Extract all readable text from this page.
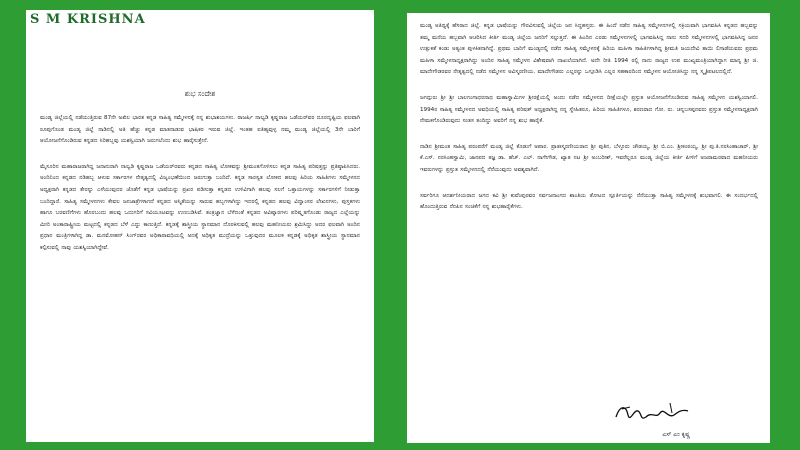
S M KRISHNA
ಶುಭ ಸಂದೇಶ

ಮಂಡ್ಯ ಜಿಲ್ಲೆಯಲ್ಲಿ ನಡೆಯುತ್ತಿರುವ 87ನೇ ಅಖಿಲ ಭಾರತ ಕನ್ನಡ ಸಾಹಿತ್ಯ ಸಮ್ಮೇಳನಕ್ಕೆ ನನ್ನ ಶುಭಾಶಯಗಳು. ರಾಜರ್ಷಿ ನಾಲ್ವಡಿ ಕೃಷ್ಣರಾಜ ಒಡೆಯರ್‌ವರ ದೂರದೃಷ್ಟಿಯ ಫಲವಾಗಿ ರೂಪುಗೊಂಡ ಮಂಡ್ಯ ಜಿಲ್ಲೆ ನಾಡಿನಲ್ಲಿ ಅತಿ ಹೆಚ್ಚು ಕನ್ನಡ ಮಾತನಾಡುವ ಭಾಷಿಕರ ಇರುವ ಜಿಲ್ಲೆ. ಇಂತಹ ಐತಿಹ್ಯವುಳ್ಳ ನಮ್ಮ ಮಂಡ್ಯ ಜಿಲ್ಲೆಯಲ್ಲಿ 3ನೇ ಬಾರಿಗೆ ಆಯೋಜನೆಗೊಂಡಿರುವ ಕನ್ನಡದ ಸಿರಿಹಬ್ಬವು ಯಶಸ್ವಿಯಾಗಿ ಜರುಗಲೆಂದು ಶುಭ ಹಾರೈಸುತ್ತೇನೆ.

ಮೈಸೂರಿನ ಮಹಾರಾಜರಾಗಿದ್ದ ಜನಾನುರಾಗಿ ನಾಲ್ವಡಿ ಕೃಷ್ಣರಾಜ ಒಡೆಯರ್‌ರವರು ಕನ್ನಡದ ಸಾಹಿತ್ಯ ಲೋಕವನ್ನು ಶ್ರೀಮಂತಗೊಳಿಸಲು ಕನ್ನಡ ಸಾಹಿತ್ಯ ಪರಿಷತ್ತನ್ನು ಪ್ರತಿಷ್ಠಾಪಿಸಿದರು. ಅಂದಿನಿಂದ ಕನ್ನಡದ ನಡಿಹಬ್ಬ ಆಳುವ ಸರ್ಕಾರಗಳ ನೇತೃತ್ವದಲ್ಲಿ ವಿಜೃಂಭಣೆಯಿಂದ ಜರುಗುತ್ತಾ ಬಂದಿದೆ. ಕನ್ನಡ ಸಾರಸ್ವತ ಲೋಕದ ಹಲವು ಹಿರಿಯ ಸಾಹಿತಿಗಳು ಸಮ್ಮೇಳನದ ಅಧ್ಯಕ್ಷರಾಗಿ ಕನ್ನಡದ ತೇರನ್ನು ಎಳೆಯುವುದರ ಜೊತೆಗೆ ಕನ್ನಡ ಭಾಷೆಯನ್ನು ಪ್ರಖರ ಪಡಿಸುತ್ತಾ ಕನ್ನಡದ ಉಳಿವಿಗಾಗಿ ಹಲವು ಸಲಗೆ ಒತ್ತಾಯಗಳನ್ನು ಸರ್ಕಾರಗಳಿಗೆ ನೀಡುತ್ತಾ ಬಂದಿದ್ದಾರೆ. ಸಾಹಿತ್ಯ ಸಮ್ಮೇಳನಗಳು ಕೇವಲ ಜನಜಾತ್ರೆಗಳಾಗದೆ ಕನ್ನಡದ ಅಸ್ಮಿತೆಯನ್ನು ಸಾರುವ ಹಬ್ಬಗಳಾಗಿದ್ದು ಇದರಲ್ಲಿ ಕನ್ನಡದ ಹಲವು ವಿದ್ವಾಂಸರ ಲೇಖನಗಳು, ಪುಸ್ತಕಗಳು ಹಾಗೂ ಬರವಣಿಗೆಗಳು ಹೊರಬಂದು ಹಲವು ಒದುಗರಿಗೆ ಸವಿಯೂಟವನ್ನು ಉಣಬಡಿಸಿವೆ. ತಂತ್ರಜ್ಞಾನ ಬೆಳೆದಂತೆ ಕನ್ನಡದ ಅವಿಷ್ಕಾರಗಳು ಪರಿಷ್ಕೃತಗೊಂಡು ರಾಜ್ಯದ ಎಲ್ಲೆಯನ್ನು ಮೀರಿ ಅಂತಾರಾಷ್ಟ್ರೀಯ ಮಟ್ಟದಲ್ಲಿ ಕನ್ನಡದ ಬೆಳೆ ಎದ್ದು ಕಾಣುತ್ತಿದೆ. ಕನ್ನಡಕ್ಕೆ ಶಾಸ್ತ್ರೀಯ ಸ್ಥಾನಮಾನ ದೊರಕಿಸುವಲ್ಲಿ ಹಲವು ಮಹನೀಯರು ಶ್ರಮಿಸಿದ್ದು ಅದರ ಫಲವಾಗಿ ಅಂದಿನ ಪ್ರಧಾನ ಮಂತ್ರಿಗಳಾಗಿದ್ದ ಡಾ. ಮನಮೋಹನ್ ಸಿಂಗ್‌ರವರ ಅಧಿಕಾರಾವಧಿಯಲ್ಲಿ ಅದಕ್ಕೆ ಅಧಿಕೃತ ಮುದ್ರೆಯನ್ನು ಒತ್ತುವುದರ ಮೂಲಕ ಕನ್ನಡಕ್ಕೆ ಅಧಿಕೃತ ಶಾಸ್ತ್ರೀಯ ಸ್ಥಾನಮಾನ ಕಲ್ಪಿಸುವಲ್ಲಿ ನಾವು ಯಶಸ್ವಿಯಾಗಿದ್ದೇವೆ.

ಮಂಡ್ಯ ಅತಿಥ್ಯಕ್ಕೆ ಹೆಸರಾದ ಜಿಲ್ಲೆ. ಕನ್ನಡ ಭಾಷೆಯನ್ನು ಗೌರವಿಸುವಲ್ಲಿ ಜಿಲ್ಲೆಯ ಜನ ಸಿದ್ಧಹಸ್ತರು. ಈ ಹಿಂದೆ ನಡೆದ ಸಾಹಿತ್ಯ ಸಮ್ಮೇಳನಗಳಲ್ಲಿ ಸಕ್ರಿಯವಾಗಿ ಭಾಗವಹಿಸಿ ಕನ್ನಡದ ಹಬ್ಬವನ್ನು ತಮ್ಮ ಮನೆಯ ಹಬ್ಬವಾಗಿ ಆಚರಿಸಿದ ಕೀರ್ತಿ ಮಂಡ್ಯ ಜಿಲ್ಲೆಯ ಜನರಿಗೆ ಸಲ್ಲುತ್ತದೆ. ಈ ಹಿಂದಿನ ಎರಡು ಸಮ್ಮೇಳನಗಳಲ್ಲಿ ಭಾಗವಹಿಸಿದ್ದ ನಾನು ಸದರಿ ಸಮ್ಮೇಳನಗಳಲ್ಲಿ ಭಾಗವಹಿಸಿದ್ದ ಜನರ ಉತ್ಸುಕತೆ ಕಂಡು ಅತ್ಯಂತ ಪುಳಕಿತನಾಗಿದ್ದೆ. ಪ್ರಥಮ ಬಾರಿಗೆ ಮಂಡ್ಯದಲ್ಲಿ ನಡೆದ ಸಾಹಿತ್ಯ ಸಮ್ಮೇಳನಕ್ಕೆ ಹಿರಿಯ ಮಹಿಳಾ ಸಾಹಿತಿಗಳಾಗಿದ್ದ ಶ್ರೀಮತಿ ಜಯದೇವಿ ತಾಯಿ ಲಿಗಾಡೆಯವರು ಪ್ರಥಮ ಮಹಿಳಾ ಸಮ್ಮೇಳನಾಧ್ಯಕ್ಷರಾಗಿದ್ದು ಅಂದಿನ ಸಾಹಿತ್ಯ ಸಮ್ಮೇಳನ ವಿಶೇಷವಾಗಿ ದಾಖಲೆಯಾಗಿದೆ. ಅದೇ ರೀತಿ 1994 ರಲ್ಲಿ ನಾನು ರಾಜ್ಯದ ಉಪ ಮುಖ್ಯಮಂತ್ರಿಯಾಗಿದ್ದಾಗ ಮಾನ್ಯ ಶ್ರೀ ಜಿ. ಮಾದೇಗೌಡರವರ ನೇತೃತ್ವದಲ್ಲಿ ನಡೆದ ಸಮ್ಮೇಳನ ಅವಿಸ್ಮರಣೀಯ. ಮಾದೇಗೌಡರು ಎಲ್ಲರನ್ನು ಒಗ್ಗೂಡಿಸಿ ಎಲ್ಲರ ಸಹಕಾರದಿಂದ ಸಮ್ಮೇಳನ ಆಯೋಜಿಸಿದ್ದು ನನ್ನ ಸ್ಮೃತಿಪಟಲದಲ್ಲಿದೆ.

ಜಗದ್ಗುರು ಶ್ರೀ ಶ್ರೀ ಬಾಲಗಂಗಾಧರನಾಥ ಮಹಾಸ್ವಾಮಿಗಳ ಶ್ರೀರಕ್ಷೆಯಲ್ಲಿ ಅಂದು ನಡೆದ ಸಮ್ಮೇಳನದ ದೀಕ್ಷೆಯಲ್ಲೇ ಪ್ರಸ್ತುತ ಆಯೋಜನೆಗೊಂಡಿರುವ ಸಾಹಿತ್ಯ ಸಮ್ಮೇಳನ ಯಶಸ್ವಿಯಾಗಲಿ. 1994ರ ಸಾಹಿತ್ಯ ಸಮ್ಮೇಳನದ ಅವಧಿಯಲ್ಲಿ ಸಾಹಿತ್ಯ ಪರಿಷತ್ ಅಧ್ಯಕ್ಷರಾಗಿದ್ದ ನನ್ನ ಸ್ನೇಹಿತರೂ, ಹಿರಿಯ ಸಾಹಿತಿಗಳೂ, ಶರಣರಾದ ಗೋ. ರು. ಚನ್ನಬಸಪ್ಪನವರು ಪ್ರಸ್ತುತ ಸಮ್ಮೇಳನಾಧ್ಯಕ್ಷರಾಗಿ ನೇಮಕಗೊಂಡಿರುವುದು ಸಂತಸ ತಂದಿದ್ದು ಅವರಿಗೆ ನನ್ನ ಶುಭ ಹಾರೈಕೆ.

ನಾಡಿನ ಶ್ರೀಮಂತ ಸಾಹಿತ್ಯ ಪರಂಪರೆಗೆ ಮಂಡ್ಯ ಜಿಲ್ಲೆ ಕೊಡುಗೆ ಅಪಾರ. ಪ್ರಾತಃಸ್ಮರಣೀಯರಾದ ಶ್ರೀ ಪುತಿನ, ಬೆಳ್ಳೂರು ಚೌಡಯ್ಯ, ಶ್ರೀ ಬಿ.ಎಂ. ಶ್ರೀಕಂಠಯ್ಯ, ಶ್ರೀ ಪು.ತಿ.ನರಸಿಂಹಾಚಾರ್, ಶ್ರೀ ಕೆ.ಎಸ್. ನರಸಿಂಹಸ್ವಾಮಿ, ಜಾನಪದ ತಜ್ಞ ಡಾ. ಹೆಚ್. ಎಲ್. ನಾಗೇಗೌಡ, ಖ್ಯಾತ ನಟ ಶ್ರೀ ಅಂಬರೀಶ್, ಇವರೆಲ್ಲರೂ ಮಂಡ್ಯ ಜಿಲ್ಲೆಯ ಕೀರ್ತಿ ಪೀಳಿಗೆ ಅಜರಾಮರವಾದ ಮಹನೀಯರು ಇವರುಗಳನ್ನು ಪ್ರಸ್ತುತ ಸಮ್ಮೇಳನದಲ್ಲಿ ನೆನೆಯುವುದು ಅವಶ್ಯವಾಗಿದೆ.

ಸರ್ವರಿಗೂ ಆದರ್ಶನೀಯರಾದ ಜಗದ ಕವಿ ಶ್ರೀ ಕುವೆಂಪುರವರ ಸರ್ವಜನಾಂಗದ ಶಾಂತಿಯ ತೋಟದ ಸ್ಪೂರ್ತಿಯನ್ನು ನೆನೆಯುತ್ತಾ ಸಾಹಿತ್ಯ ಸಮ್ಮೇಳನಕ್ಕೆ ಶುಭವಾಗಲಿ. ಈ ಸಂದರ್ಭದಲ್ಲಿ ಹೊಂದುತ್ತಿರುವ ನೆನಪಿನ ಸಂಚಿಕೆಗೆ ನನ್ನ ಶುಭಹಾರೈಕೆಗಳು.

ಎಸ್ ಎಂ ಕೃಷ್ಣ
